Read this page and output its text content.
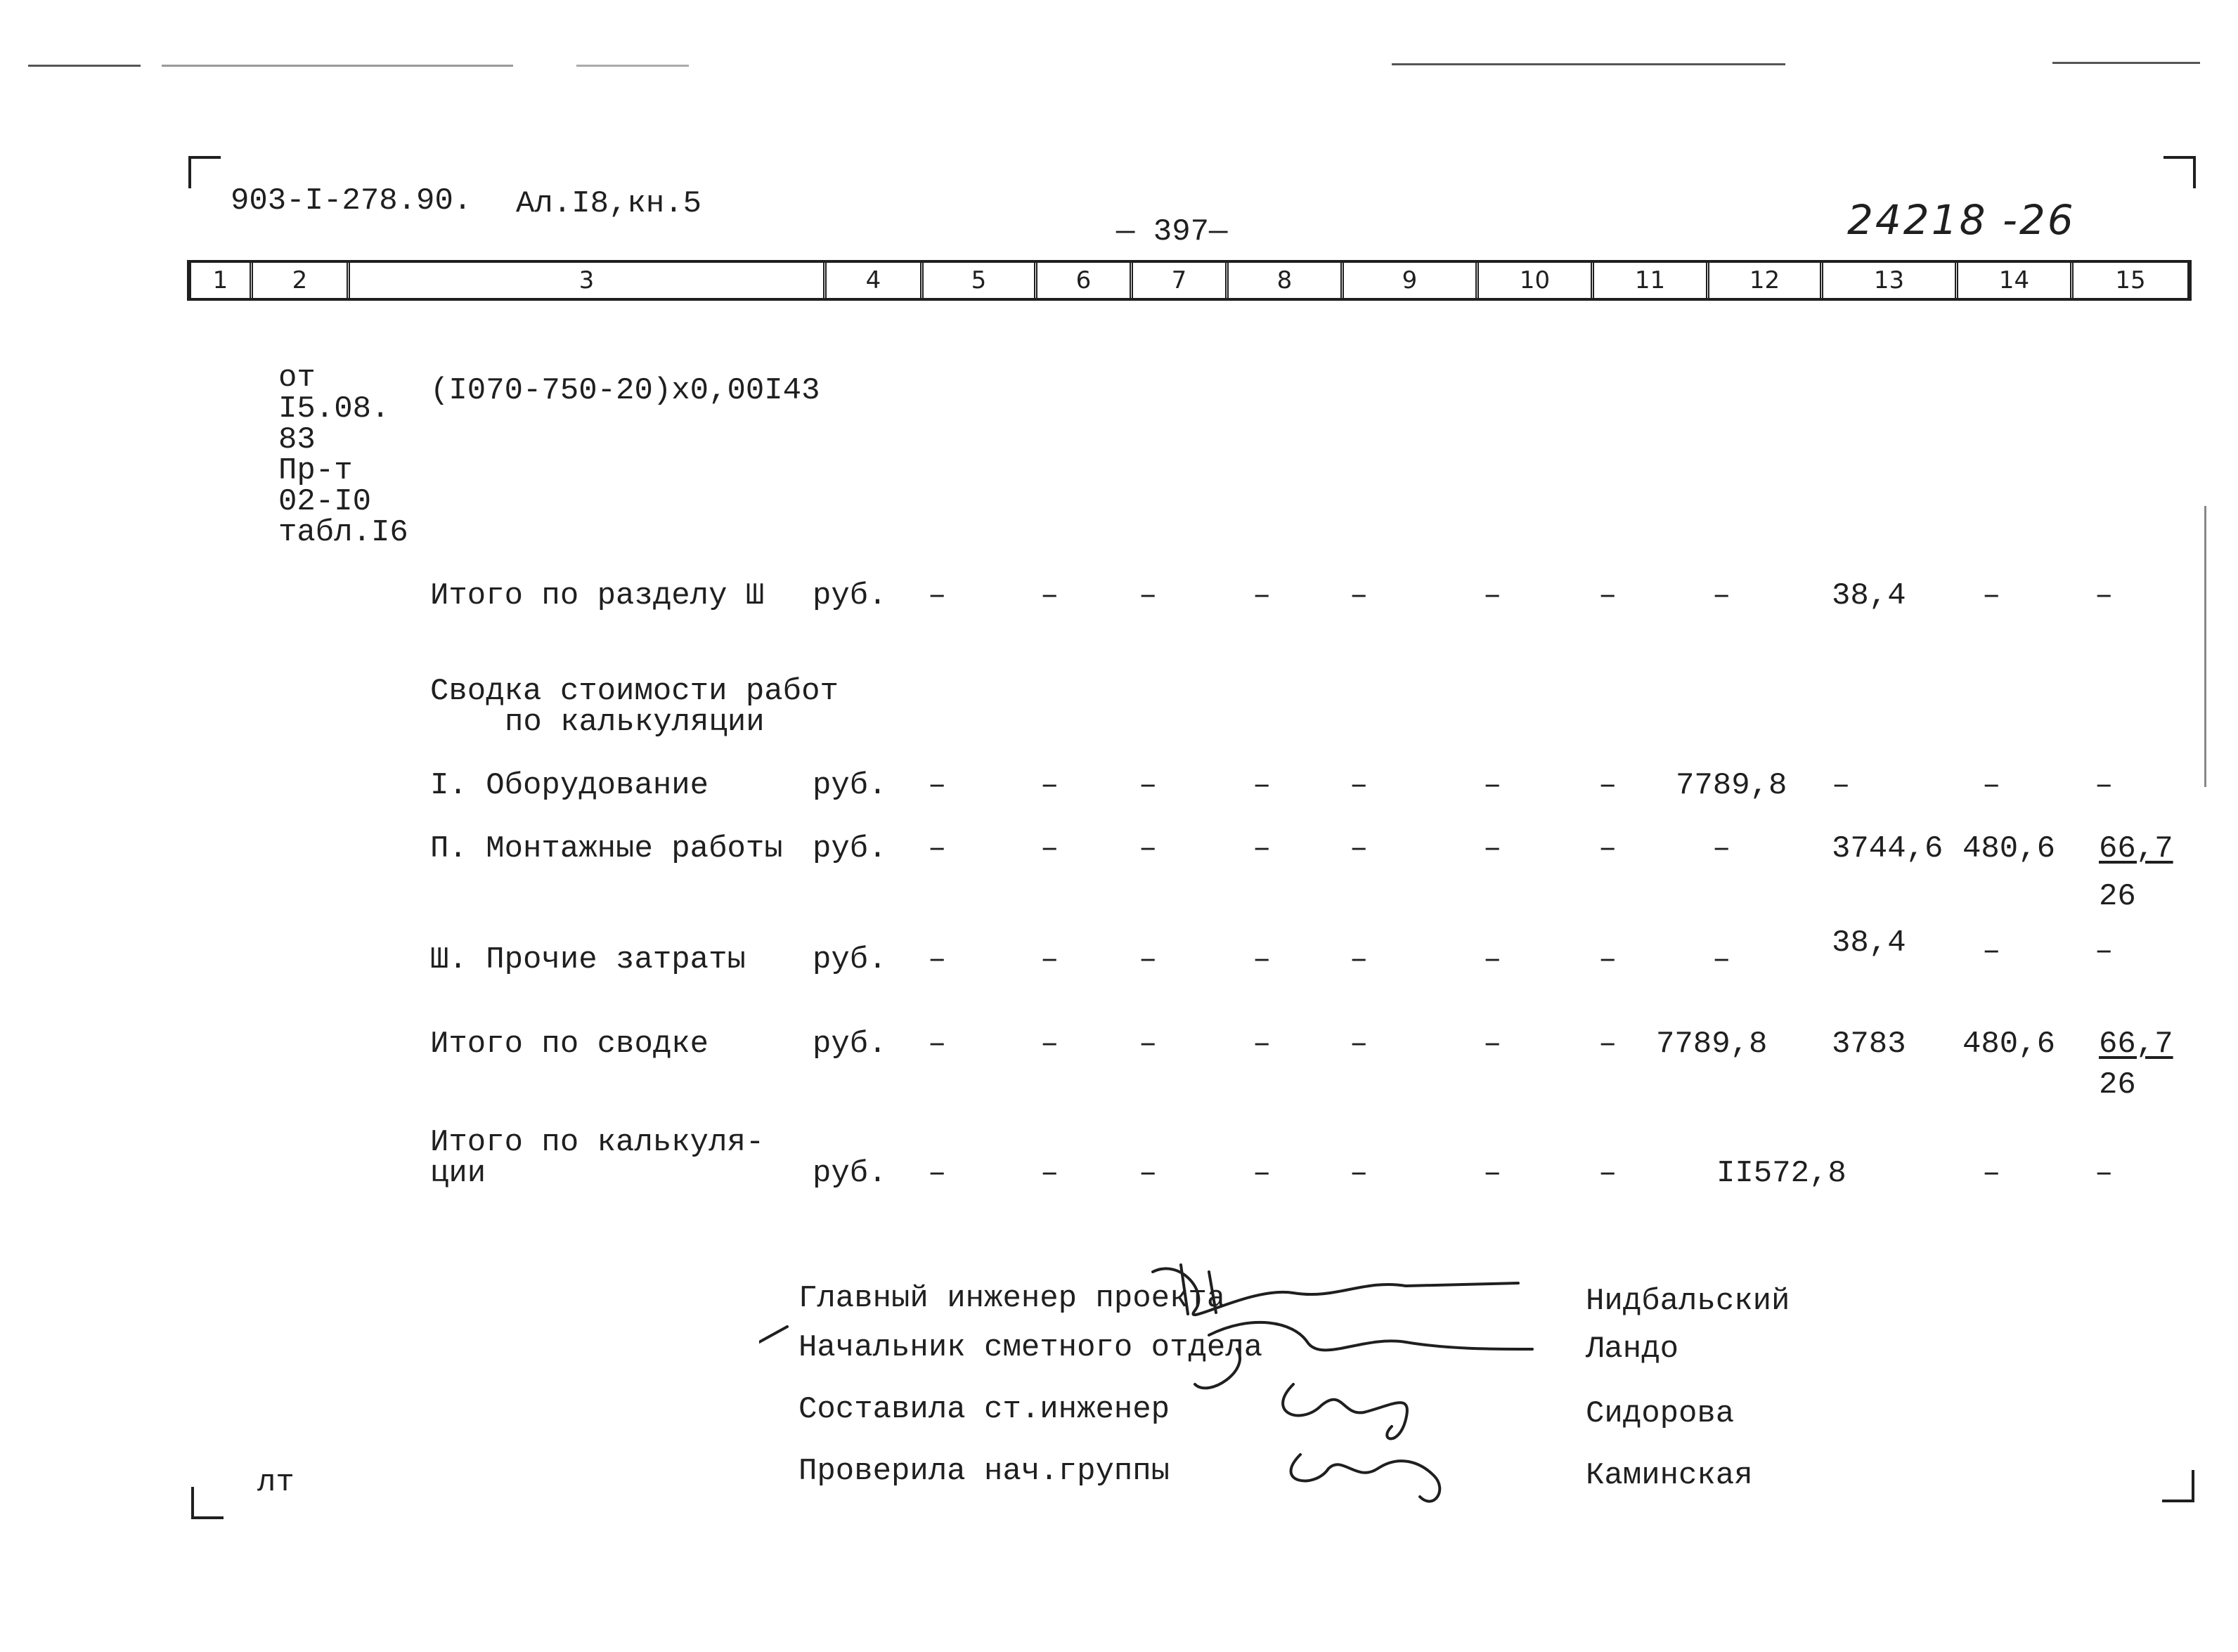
903-I-278.90. Ал.I8,кн.5
— 397—	24218 -26
1	2	3	4	5	6	7	8	9	10	11	12	13	14	15
от
I5.08.
83
Пр-т
02-I0
табл.I6
(I070-750-20)x0,00I43
Итого по разделу Ш руб. –	–	–	–	–	–	–	–	38,4 –	–
Сводка стоимости работ
по калькуляции
I. Оборудование	руб. –	–	–	–	–	–	– 7789,8 –	–	–
П. Монтажные работы руб. –	–	–	–	–	–	–	–	3744,6 480,6 66,7
26
Ш. Прочие затраты руб. –	–	–	–	–	–	–	–	38,4 –	–
Итого по сводке	руб. –	–	–	–	–	–	– 7789,8 3783 480,6 66,7
26
Итого по калькуля-
ции	руб. –	–	–	–	–	–	–	II572,8	–	–
Главный инженер проекта	Нидбальский
Начальник сметного отдела	Ландо
Составила ст.инженер	Сидорова
Проверила нач.группы	Каминская
лт
